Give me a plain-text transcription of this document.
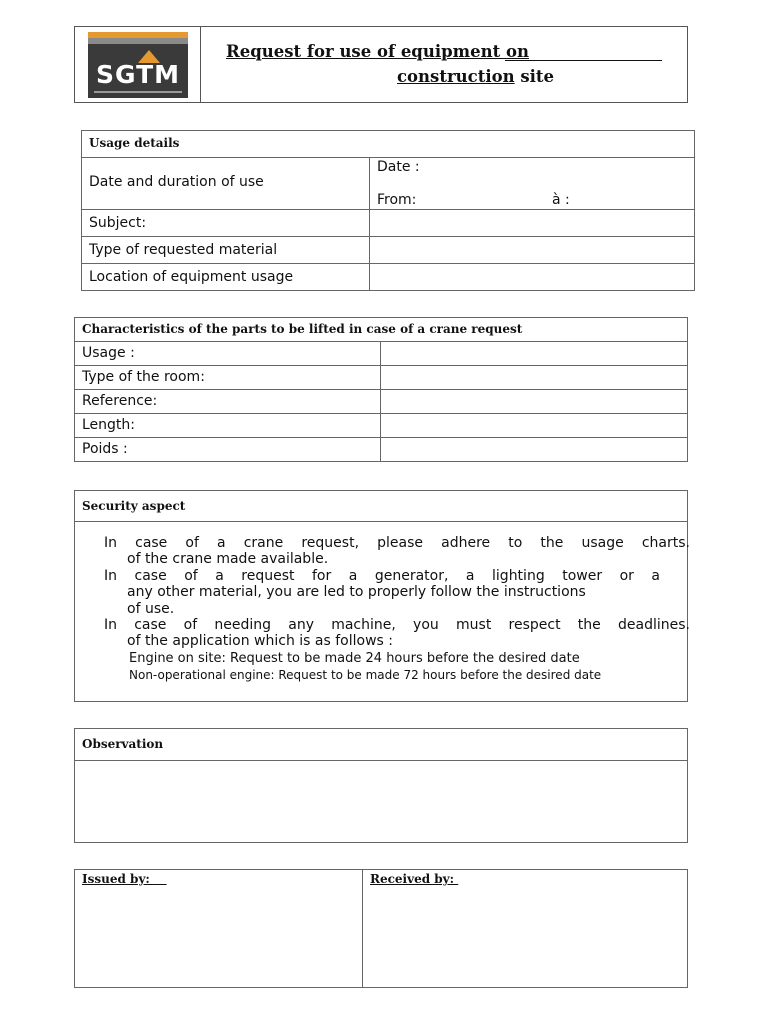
SGTM
Request for use of equipment on
construction site
Usage details	
Date and duration of use	Date :
From: à :

Subject:	
Type of requested material	
Location of equipment usage	
Characteristics of the parts to be lifted in case of a crane request	
Usage :	
Type of the room:	
Reference:	
Length:	
Poids :	
Security aspect
In case of a crane request, please adhere to the usage charts.
of the crane made available.
In case of a request for a generator, a lighting tower or a
any other material, you are led to properly follow the instructions
of use.
In case of needing any machine, you must respect the deadlines.
of the application which is as follows :
Engine on site: Request to be made 24 hours before the desired date
Non-operational engine: Request to be made 72 hours before the desired date
Observation
Issued by:	Received by:
